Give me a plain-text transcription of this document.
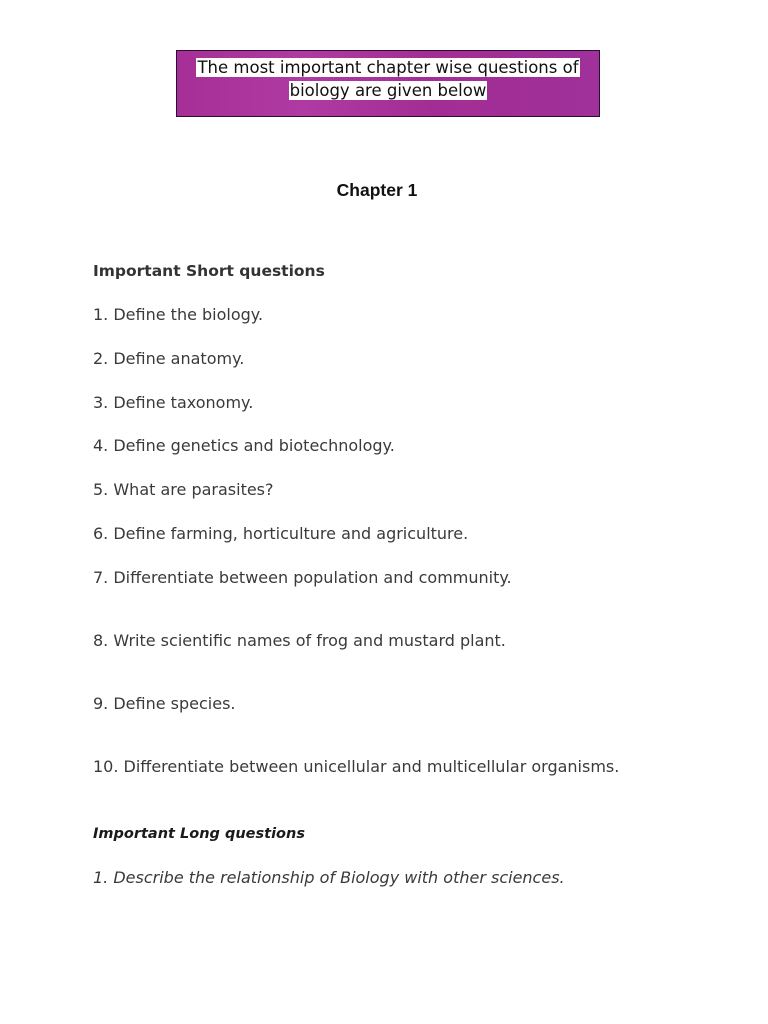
The most important chapter wise questions of
biology are given below
Chapter 1
Important Short questions
1. Define the biology.
2. Define anatomy.
3. Define taxonomy.
4. Define genetics and biotechnology.
5. What are parasites?
6. Define farming, horticulture and agriculture.
7. Differentiate between population and community.
8. Write scientific names of frog and mustard plant.
9. Define species.
10. Differentiate between unicellular and multicellular organisms.
Important Long questions
1. Describe the relationship of Biology with other sciences.
